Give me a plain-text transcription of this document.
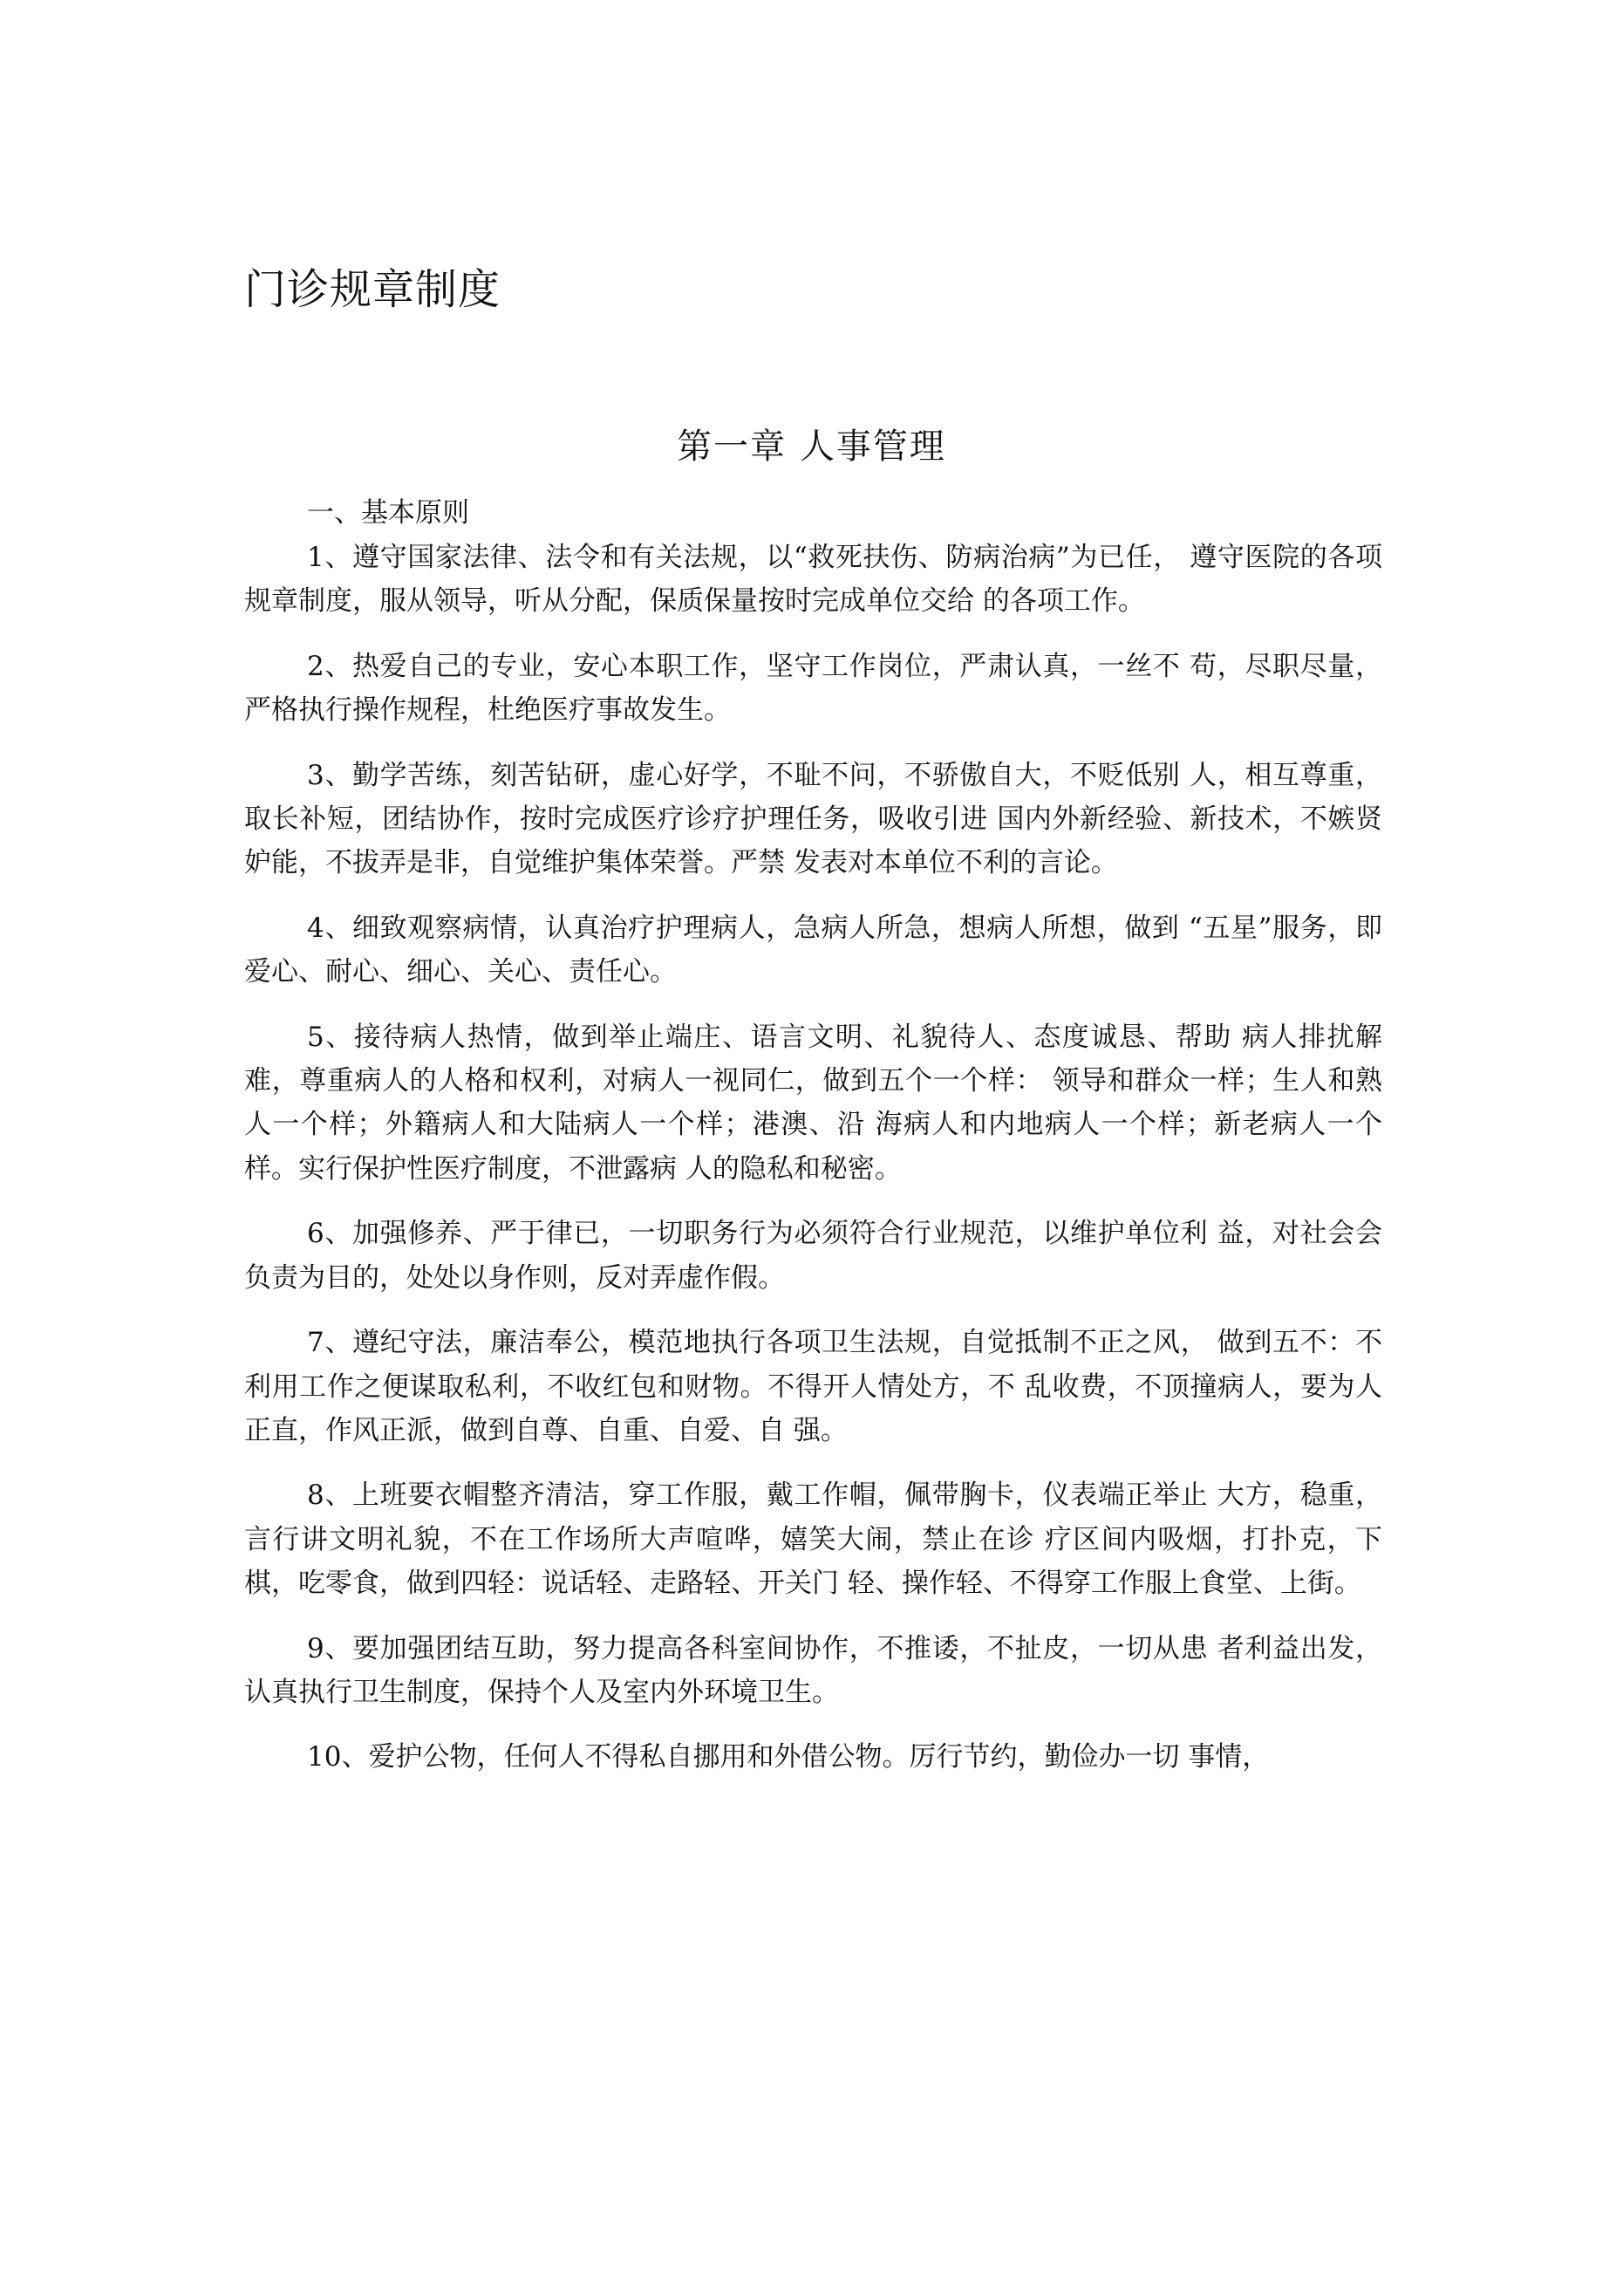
门诊规章制度
第一章 人事管理
一、基本原则

1、遵守国家法律、法令和有关法规，以“救死扶伤、防病治病”为已任， 遵守医院的各项规章制度，服从领导，听从分配，保质保量按时完成单位交给 的各项工作。

2、热爱自己的专业，安心本职工作，坚守工作岗位，严肃认真，一丝不 苟，尽职尽量，严格执行操作规程，杜绝医疗事故发生。

3、勤学苦练，刻苦钻研，虚心好学，不耻不问，不骄傲自大，不贬低别 人，相互尊重，取长补短，团结协作，按时完成医疗诊疗护理任务，吸收引进 国内外新经验、新技术，不嫉贤妒能，不拔弄是非，自觉维护集体荣誉。严禁 发表对本单位不利的言论。

4、细致观察病情，认真治疗护理病人，急病人所急，想病人所想，做到 “五星”服务，即爱心、耐心、细心、关心、责任心。

5、接待病人热情，做到举止端庄、语言文明、礼貌待人、态度诚恳、帮助 病人排扰解难，尊重病人的人格和权利，对病人一视同仁，做到五个一个样： 领导和群众一样；生人和熟人一个样；外籍病人和大陆病人一个样；港澳、沿 海病人和内地病人一个样；新老病人一个样。实行保护性医疗制度，不泄露病 人的隐私和秘密。

6、加强修养、严于律已，一切职务行为必须符合行业规范，以维护单位利 益，对社会会负责为目的，处处以身作则，反对弄虚作假。

7、遵纪守法，廉洁奉公，模范地执行各项卫生法规，自觉抵制不正之风， 做到五不：不利用工作之便谋取私利，不收红包和财物。不得开人情处方，不 乱收费，不顶撞病人，要为人正直，作风正派，做到自尊、自重、自爱、自 强。

8、上班要衣帽整齐清洁，穿工作服，戴工作帽，佩带胸卡，仪表端正举止 大方，稳重，言行讲文明礼貌，不在工作场所大声喧哗，嬉笑大闹，禁止在诊 疗区间内吸烟，打扑克，下棋，吃零食，做到四轻：说话轻、走路轻、开关门 轻、操作轻、不得穿工作服上食堂、上街。

9、要加强团结互助，努力提高各科室间协作，不推诿，不扯皮，一切从患 者利益出发，认真执行卫生制度，保持个人及室内外环境卫生。

10、爱护公物，任何人不得私自挪用和外借公物。厉行节约，勤俭办一切 事情，
